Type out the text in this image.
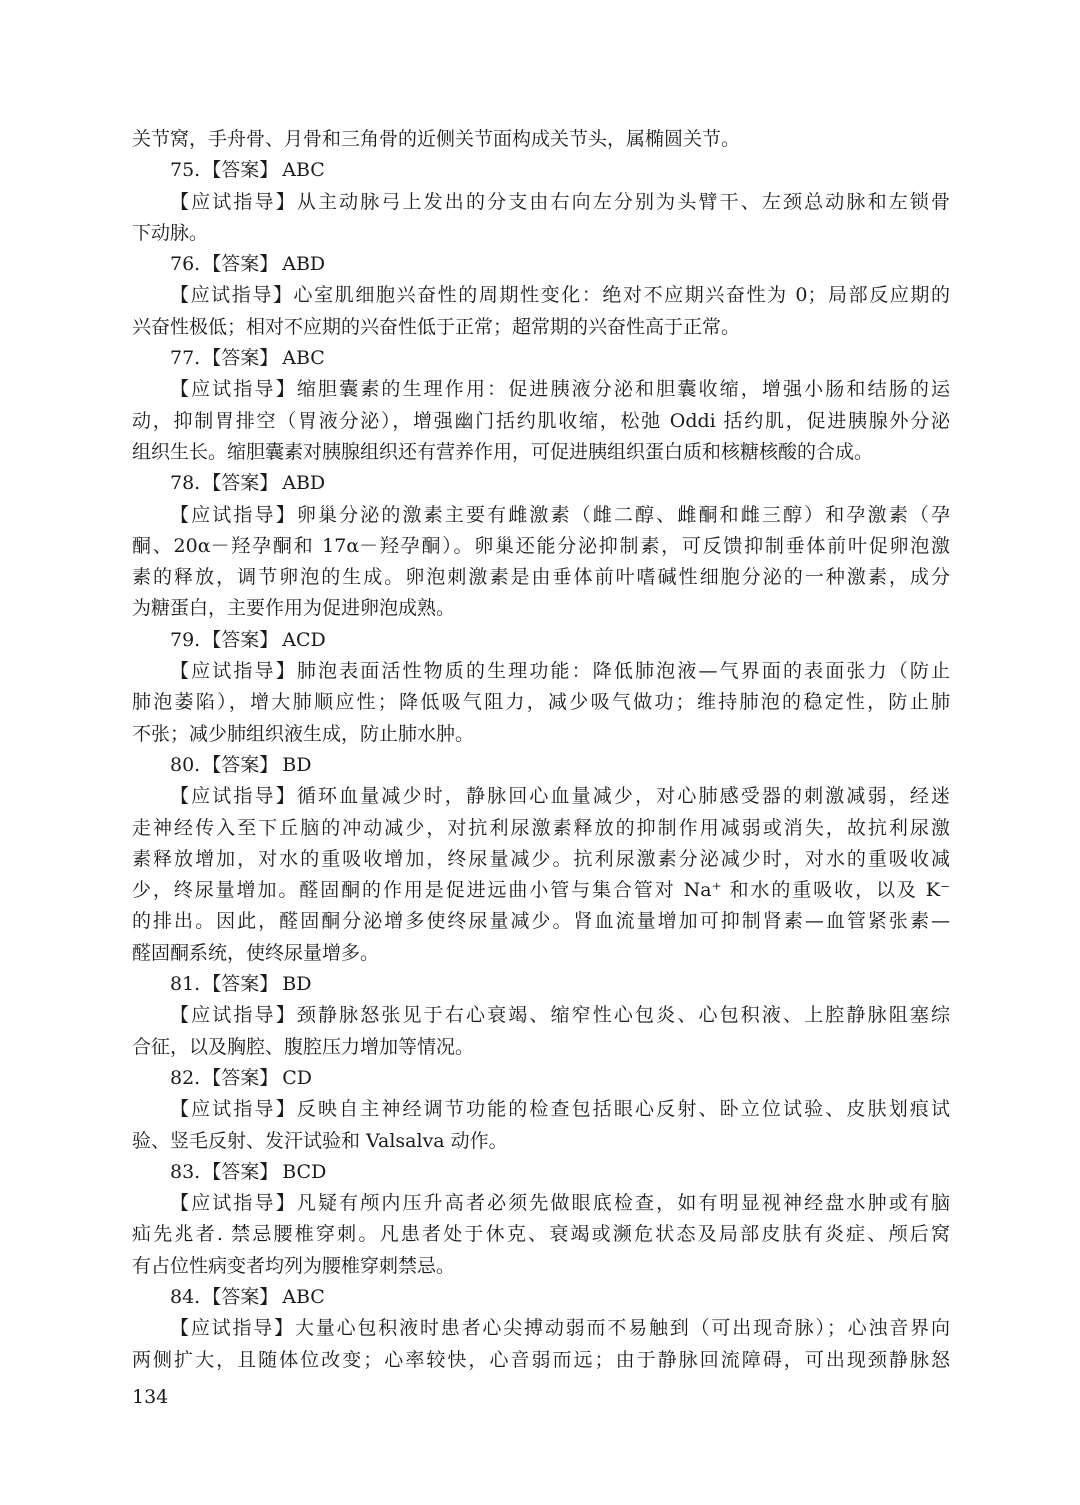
关节窝，手舟骨、月骨和三角骨的近侧关节面构成关节头，属椭圆关节。
75. 【答案】 ABC
【应试指导】从主动脉弓上发出的分支由右向左分别为头臂干、左颈总动脉和左锁骨
下动脉。
76. 【答案】 ABD
【应试指导】心室肌细胞兴奋性的周期性变化：绝对不应期兴奋性为 0；局部反应期的
兴奋性极低；相对不应期的兴奋性低于正常；超常期的兴奋性高于正常。
77. 【答案】 ABC
【应试指导】缩胆囊素的生理作用：促进胰液分泌和胆囊收缩，增强小肠和结肠的运
动，抑制胃排空（胃液分泌），增强幽门括约肌收缩，松弛 Oddi 括约肌，促进胰腺外分泌
组织生长。缩胆囊素对胰腺组织还有营养作用，可促进胰组织蛋白质和核糖核酸的合成。
78. 【答案】 ABD
【应试指导】卵巢分泌的激素主要有雌激素（雌二醇、雌酮和雌三醇）和孕激素（孕
酮、20α－羟孕酮和 17α－羟孕酮）。卵巢还能分泌抑制素，可反馈抑制垂体前叶促卵泡激
素的释放，调节卵泡的生成。卵泡刺激素是由垂体前叶嗜碱性细胞分泌的一种激素，成分
为糖蛋白，主要作用为促进卵泡成熟。
79. 【答案】 ACD
【应试指导】肺泡表面活性物质的生理功能：降低肺泡液—气界面的表面张力（防止
肺泡萎陷），增大肺顺应性；降低吸气阻力，减少吸气做功；维持肺泡的稳定性，防止肺
不张；减少肺组织液生成，防止肺水肿。
80. 【答案】 BD
【应试指导】循环血量减少时，静脉回心血量减少，对心肺感受器的刺激减弱，经迷
走神经传入至下丘脑的冲动减少，对抗利尿激素释放的抑制作用减弱或消失，故抗利尿激
素释放增加，对水的重吸收增加，终尿量减少。抗利尿激素分泌减少时，对水的重吸收减
少，终尿量增加。醛固酮的作用是促进远曲小管与集合管对 Na⁺ 和水的重吸收，以及 K⁻
的排出。因此，醛固酮分泌增多使终尿量减少。肾血流量增加可抑制肾素—血管紧张素—
醛固酮系统，使终尿量增多。
81. 【答案】 BD
【应试指导】颈静脉怒张见于右心衰竭、缩窄性心包炎、心包积液、上腔静脉阻塞综
合征，以及胸腔、腹腔压力增加等情况。
82. 【答案】 CD
【应试指导】反映自主神经调节功能的检查包括眼心反射、卧立位试验、皮肤划痕试
验、竖毛反射、发汗试验和 Valsalva 动作。
83. 【答案】 BCD
【应试指导】凡疑有颅内压升高者必须先做眼底检查，如有明显视神经盘水肿或有脑
疝先兆者. 禁忌腰椎穿刺。凡患者处于休克、衰竭或濒危状态及局部皮肤有炎症、颅后窝
有占位性病变者均列为腰椎穿刺禁忌。
84. 【答案】 ABC
【应试指导】大量心包积液时患者心尖搏动弱而不易触到（可出现奇脉）；心浊音界向
两侧扩大，且随体位改变；心率较快，心音弱而远；由于静脉回流障碍，可出现颈静脉怒
134
